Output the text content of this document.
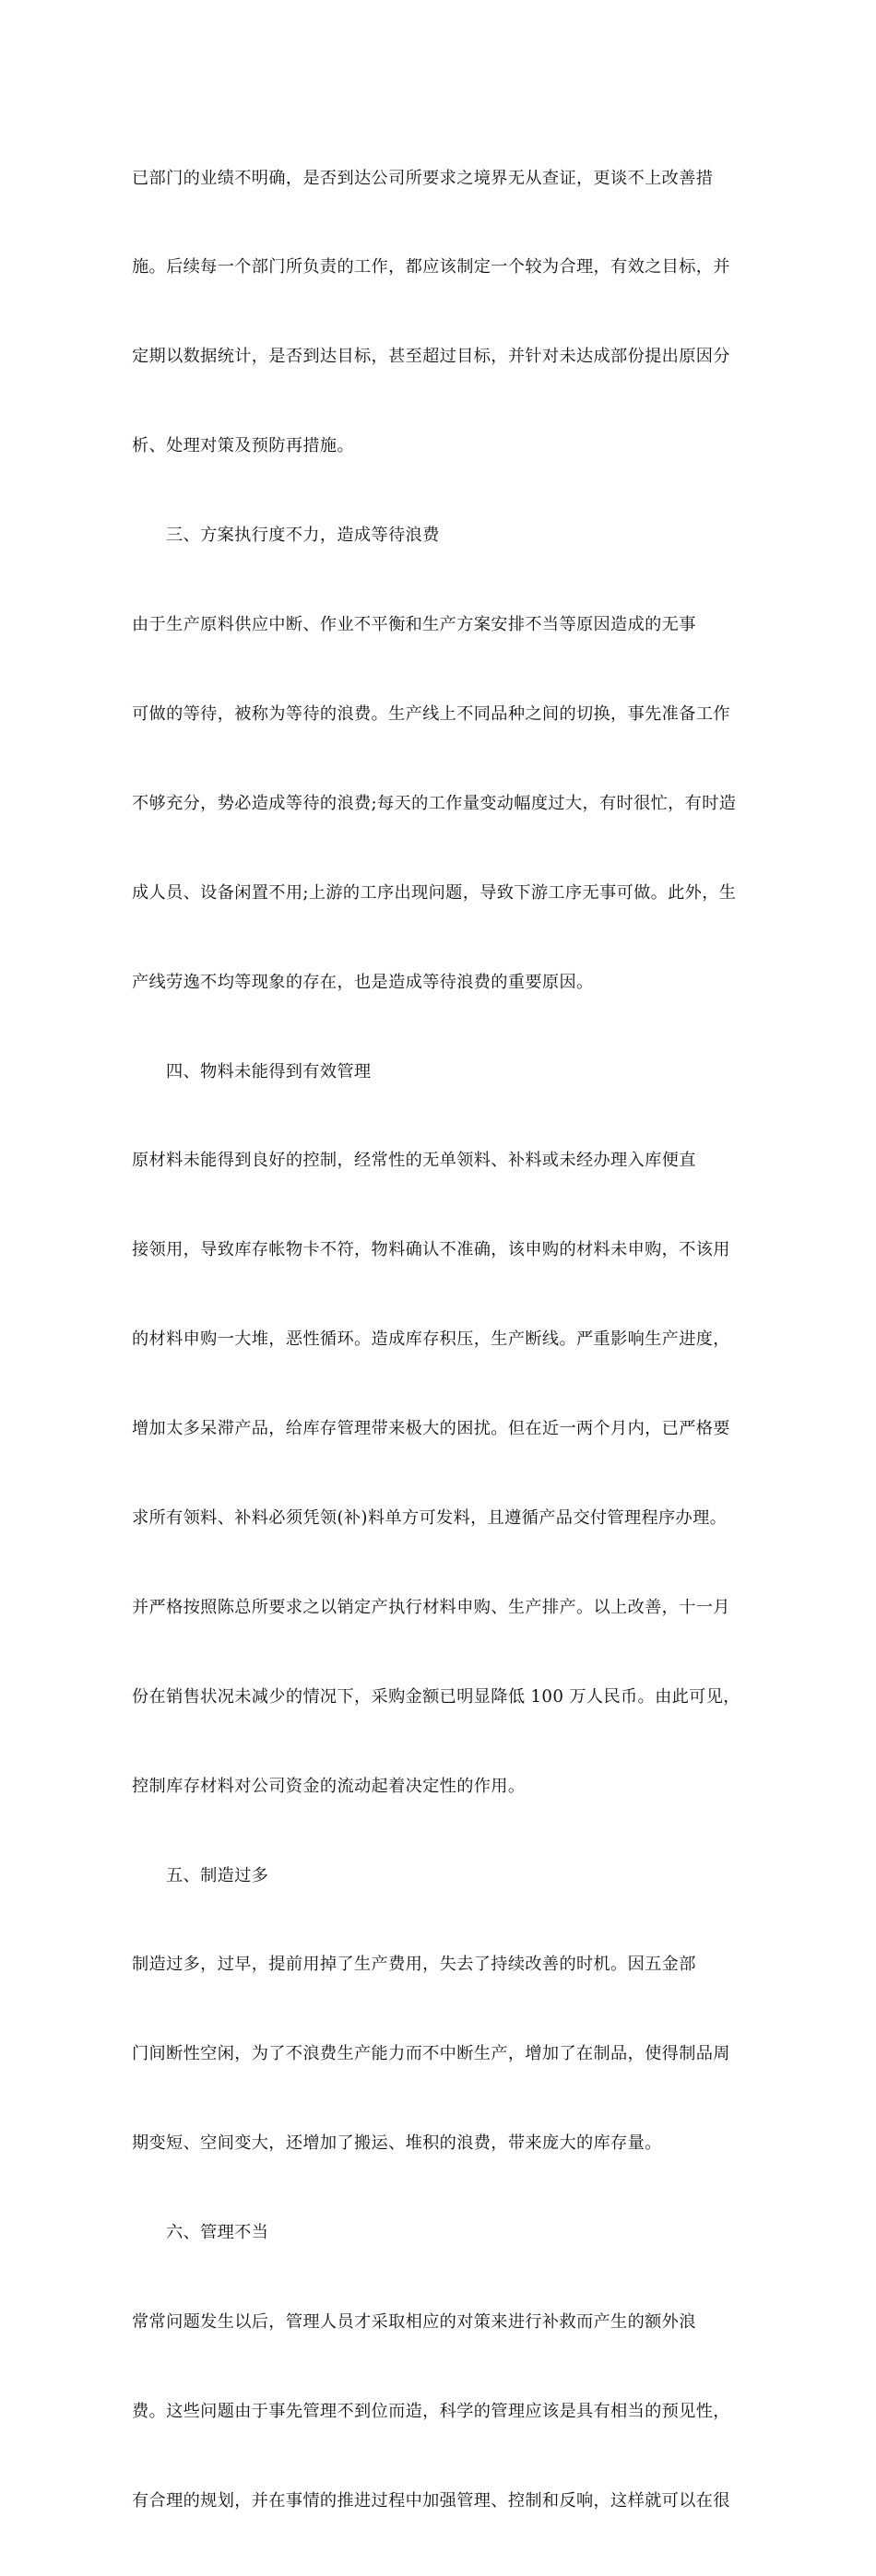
已部门的业绩不明确，是否到达公司所要求之境界无从查证，更谈不上改善措

施。后续每一个部门所负责的工作，都应该制定一个较为合理，有效之目标，并

定期以数据统计，是否到达目标，甚至超过目标，并针对未达成部份提出原因分

析、处理对策及预防再措施。

三、方案执行度不力，造成等待浪费

由于生产原料供应中断、作业不平衡和生产方案安排不当等原因造成的无事

可做的等待，被称为等待的浪费。生产线上不同品种之间的切换，事先准备工作

不够充分，势必造成等待的浪费;每天的工作量变动幅度过大，有时很忙，有时造

成人员、设备闲置不用;上游的工序出现问题，导致下游工序无事可做。此外，生

产线劳逸不均等现象的存在，也是造成等待浪费的重要原因。

四、物料未能得到有效管理

原材料未能得到良好的控制，经常性的无单领料、补料或未经办理入库便直

接领用，导致库存帐物卡不符，物料确认不准确，该申购的材料未申购，不该用

的材料申购一大堆，恶性循环。造成库存积压，生产断线。严重影响生产进度，

增加太多呆滞产品，给库存管理带来极大的困扰。但在近一两个月内，已严格要

求所有领料、补料必须凭领(补)料单方可发料，且遵循产品交付管理程序办理。

并严格按照陈总所要求之以销定产执行材料申购、生产排产。以上改善，十一月

份在销售状况未减少的情况下，采购金额已明显降低 100 万人民币。由此可见，

控制库存材料对公司资金的流动起着决定性的作用。

五、制造过多

制造过多，过早，提前用掉了生产费用，失去了持续改善的时机。因五金部

门间断性空闲，为了不浪费生产能力而不中断生产，增加了在制品，使得制品周

期变短、空间变大，还增加了搬运、堆积的浪费，带来庞大的库存量。

六、管理不当

常常问题发生以后，管理人员才采取相应的对策来进行补救而产生的额外浪

费。这些问题由于事先管理不到位而造，科学的管理应该是具有相当的预见性，

有合理的规划，并在事情的推进过程中加强管理、控制和反响，这样就可以在很
